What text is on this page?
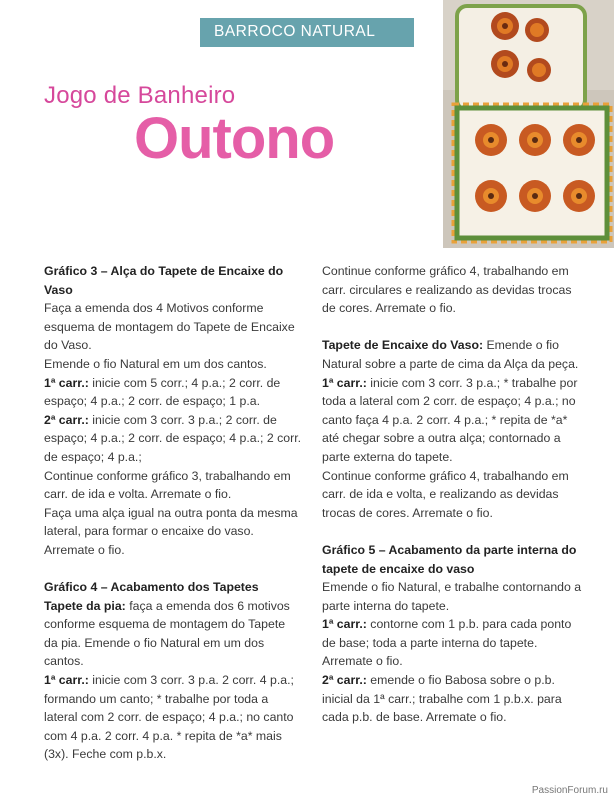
BARROCO NATURAL
Jogo de Banheiro
Outono

Gráfico 3 – Alça do Tapete de Encaixe do Vaso

Faça a emenda dos 4 Motivos conforme esquema de montagem do Tapete de Encaixe do Vaso.

Emende o fio Natural em um dos cantos.

1ª carr.: inicie com 5 corr.; 4 p.a.; 2 corr. de espaço; 4 p.a.; 2 corr. de espaço; 1 p.a.

2ª carr.: inicie com 3 corr. 3 p.a.; 2 corr. de espaço; 4 p.a.; 2 corr. de espaço; 4 p.a.; 2 corr. de espaço; 4 p.a.;

Continue conforme gráfico 3, trabalhando em carr. de ida e volta. Arremate o fio.

Faça uma alça igual na outra ponta da mesma lateral, para formar o encaixe do vaso. Arremate o fio.

Gráfico 4 – Acabamento dos Tapetes

Tapete da pia: faça a emenda dos 6 motivos conforme esquema de montagem do Tapete da pia. Emende o fio Natural em um dos cantos.

1ª carr.: inicie com 3 corr. 3 p.a. 2 corr. 4 p.a.; formando um canto; * trabalhe por toda a lateral com 2 corr. de espaço; 4 p.a.; no canto com 4 p.a. 2 corr. 4 p.a. * repita de *a* mais (3x). Feche com p.b.x.

Continue conforme gráfico 4, trabalhando em carr. circulares e realizando as devidas trocas de cores. Arremate o fio.

Tapete de Encaixe do Vaso: Emende o fio Natural sobre a parte de cima da Alça da peça.

1ª carr.: inicie com 3 corr. 3 p.a.; * trabalhe por toda a lateral com 2 corr. de espaço; 4 p.a.; no canto faça 4 p.a. 2 corr. 4 p.a.; * repita de *a* até chegar sobre a outra alça; contornado a parte externa do tapete.

Continue conforme gráfico 4, trabalhando em carr. de ida e volta, e realizando as devidas trocas de cores. Arremate o fio.

Gráfico 5 – Acabamento da parte interna do tapete de encaixe do vaso

Emende o fio Natural, e trabalhe contornando a parte interna do tapete.

1ª carr.: contorne com 1 p.b. para cada ponto de base; toda a parte interna do tapete. Arremate o fio.

2ª carr.: emende o fio Babosa sobre o p.b. inicial da 1ª carr.; trabalhe com 1 p.b.x. para cada p.b. de base. Arremate o fio.

PassionForum.ru
